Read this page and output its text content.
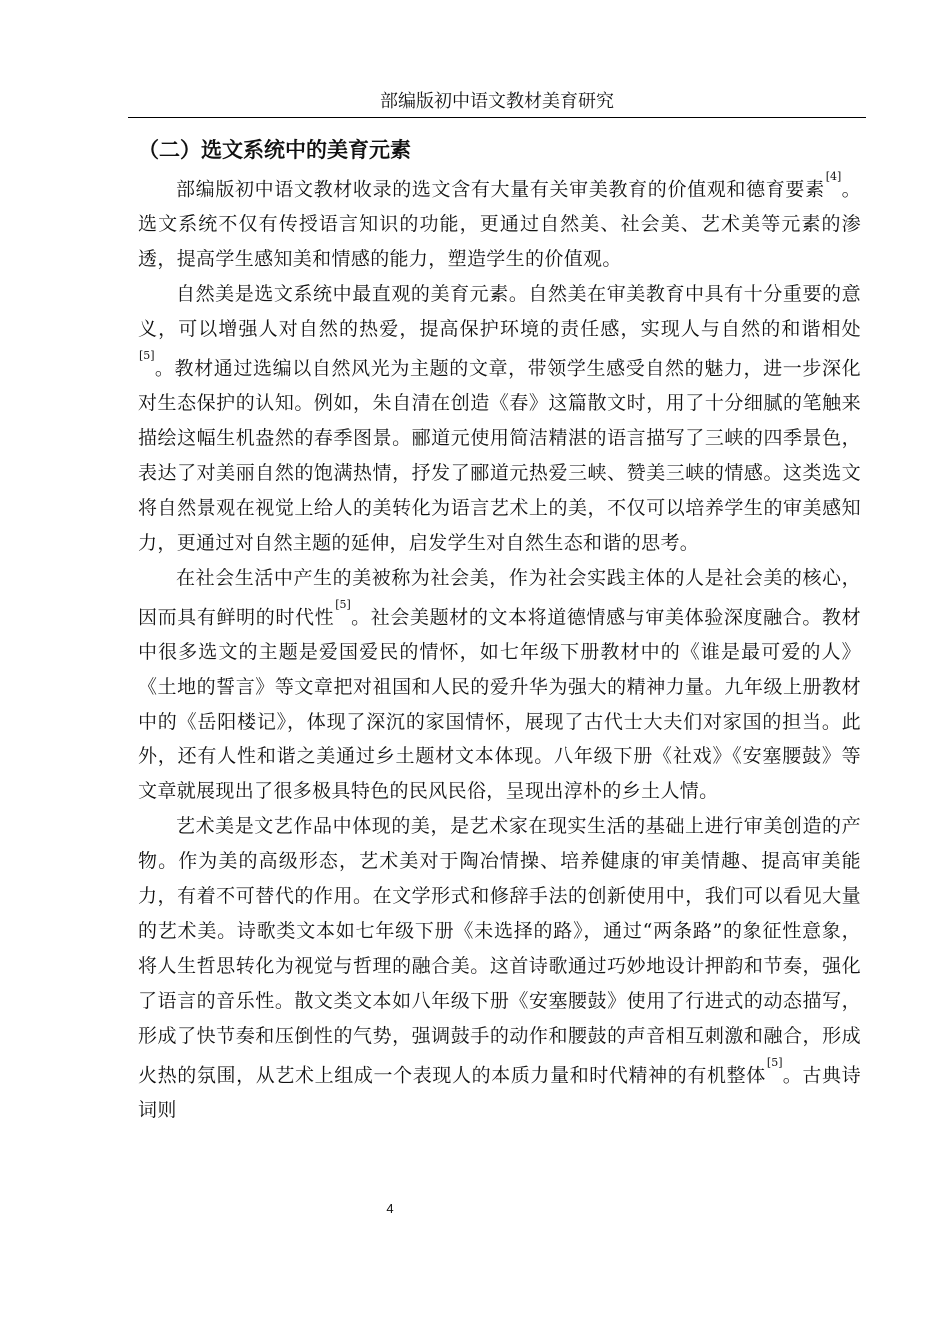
部编版初中语文教材美育研究
（二）选文系统中的美育元素

部编版初中语文教材收录的选文含有大量有关审美教育的价值观和德育要素[4]。选文系统不仅有传授语言知识的功能，更通过自然美、社会美、艺术美等元素的渗透，提高学生感知美和情感的能力，塑造学生的价值观。

自然美是选文系统中最直观的美育元素。自然美在审美教育中具有十分重要的意义，可以增强人对自然的热爱，提高保护环境的责任感，实现人与自然的和谐相处[5]。教材通过选编以自然风光为主题的文章，带领学生感受自然的魅力，进一步深化对生态保护的认知。例如，朱自清在创造《春》这篇散文时，用了十分细腻的笔触来描绘这幅生机盎然的春季图景。郦道元使用简洁精湛的语言描写了三峡的四季景色，表达了对美丽自然的饱满热情，抒发了郦道元热爱三峡、赞美三峡的情感。这类选文将自然景观在视觉上给人的美转化为语言艺术上的美，不仅可以培养学生的审美感知力，更通过对自然主题的延伸，启发学生对自然生态和谐的思考。

在社会生活中产生的美被称为社会美，作为社会实践主体的人是社会美的核心，因而具有鲜明的时代性[5]。社会美题材的文本将道德情感与审美体验深度融合。教材中很多选文的主题是爱国爱民的情怀，如七年级下册教材中的《谁是最可爱的人》《土地的誓言》等文章把对祖国和人民的爱升华为强大的精神力量。九年级上册教材中的《岳阳楼记》，体现了深沉的家国情怀，展现了古代士大夫们对家国的担当。此外，还有人性和谐之美通过乡土题材文本体现。八年级下册《社戏》《安塞腰鼓》等文章就展现出了很多极具特色的民风民俗，呈现出淳朴的乡土人情。

艺术美是文艺作品中体现的美，是艺术家在现实生活的基础上进行审美创造的产物。作为美的高级形态，艺术美对于陶冶情操、培养健康的审美情趣、提高审美能力，有着不可替代的作用。在文学形式和修辞手法的创新使用中，我们可以看见大量的艺术美。诗歌类文本如七年级下册《未选择的路》，通过“两条路”的象征性意象，将人生哲思转化为视觉与哲理的融合美。这首诗歌通过巧妙地设计押韵和节奏，强化了语言的音乐性。散文类文本如八年级下册《安塞腰鼓》使用了行进式的动态描写，形成了快节奏和压倒性的气势，强调鼓手的动作和腰鼓的声音相互刺激和融合，形成火热的氛围，从艺术上组成一个表现人的本质力量和时代精神的有机整体[5]。古典诗词则

4
